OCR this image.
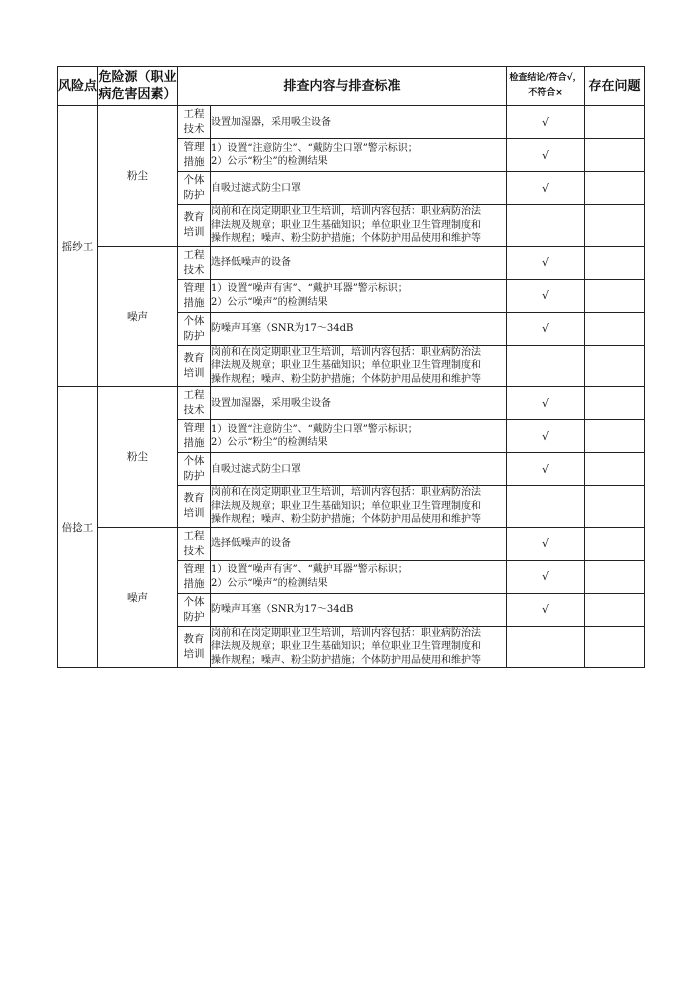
风险点	危险源（职业病危害因素）	排查内容与排查标准		检查结论/符合√，
不符合×	存在问题
摇纱工	粉尘	工程
技术	设置加湿器，采用吸尘设备	√	

		管理
措施	1）设置“注意防尘”、“戴防尘口罩”警示标识；
2）公示“粉尘”的检测结果	√	

		个体
防护	自吸过滤式防尘口罩	√	

		教育
培训	岗前和在岗定期职业卫生培训，培训内容包括：职业病防治法
律法规及规章；职业卫生基础知识；单位职业卫生管理制度和
操作规程；噪声、粉尘防护措施；个体防护用品使用和维护等		

	噪声	工程
技术	选择低噪声的设备	√	

		管理
措施	1）设置“噪声有害”、“戴护耳器”警示标识；
2）公示“噪声”的检测结果	√	

		个体
防护	防噪声耳塞（SNR为17～34dB	√	

		教育
培训	岗前和在岗定期职业卫生培训，培训内容包括：职业病防治法
律法规及规章；职业卫生基础知识；单位职业卫生管理制度和
操作规程；噪声、粉尘防护措施；个体防护用品使用和维护等		

倍捻工	粉尘	工程
技术	设置加湿器，采用吸尘设备	√	

		管理
措施	1）设置“注意防尘”、“戴防尘口罩”警示标识；
2）公示“粉尘”的检测结果	√	

		个体
防护	自吸过滤式防尘口罩	√	

		教育
培训	岗前和在岗定期职业卫生培训，培训内容包括：职业病防治法
律法规及规章；职业卫生基础知识；单位职业卫生管理制度和
操作规程；噪声、粉尘防护措施；个体防护用品使用和维护等		

	噪声	工程
技术	选择低噪声的设备	√	

		管理
措施	1）设置“噪声有害”、“戴护耳器”警示标识；
2）公示“噪声”的检测结果	√	

		个体
防护	防噪声耳塞（SNR为17～34dB	√	

		教育
培训	岗前和在岗定期职业卫生培训，培训内容包括：职业病防治法
律法规及规章；职业卫生基础知识；单位职业卫生管理制度和
操作规程；噪声、粉尘防护措施；个体防护用品使用和维护等		
